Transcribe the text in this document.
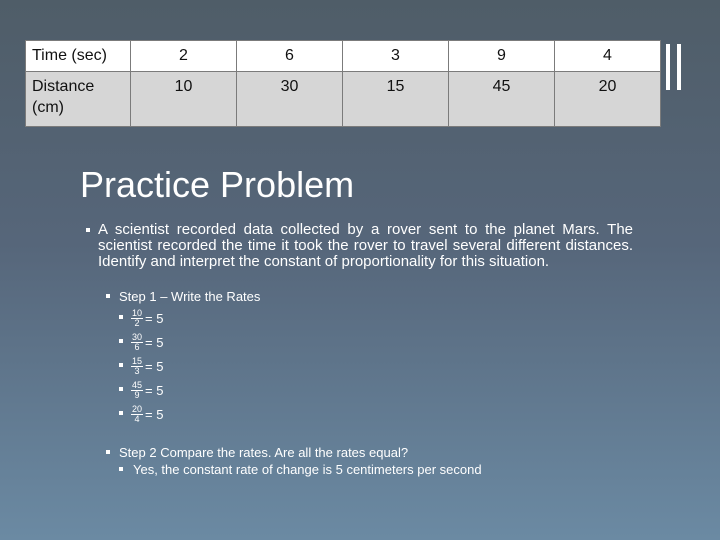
Time (sec)	2	6	3	9	4
Distance (cm)	10	30	15	45	20
Practice Problem

A scientist recorded data collected by a rover sent to the planet Mars. The scientist recorded the time it took the rover to travel several different distances. Identify and interpret the constant of proportionality for this situation.

Step 1 – Write the Rates
$\frac{10}{2} = 5$
$\frac{30}{6} = 5$
$\frac{15}{3} = 5$
$\frac{45}{9} = 5$
$\frac{20}{4} = 5$
Step 2 Compare the rates. Are all the rates equal?
Yes, the constant rate of change is 5 centimeters per second
